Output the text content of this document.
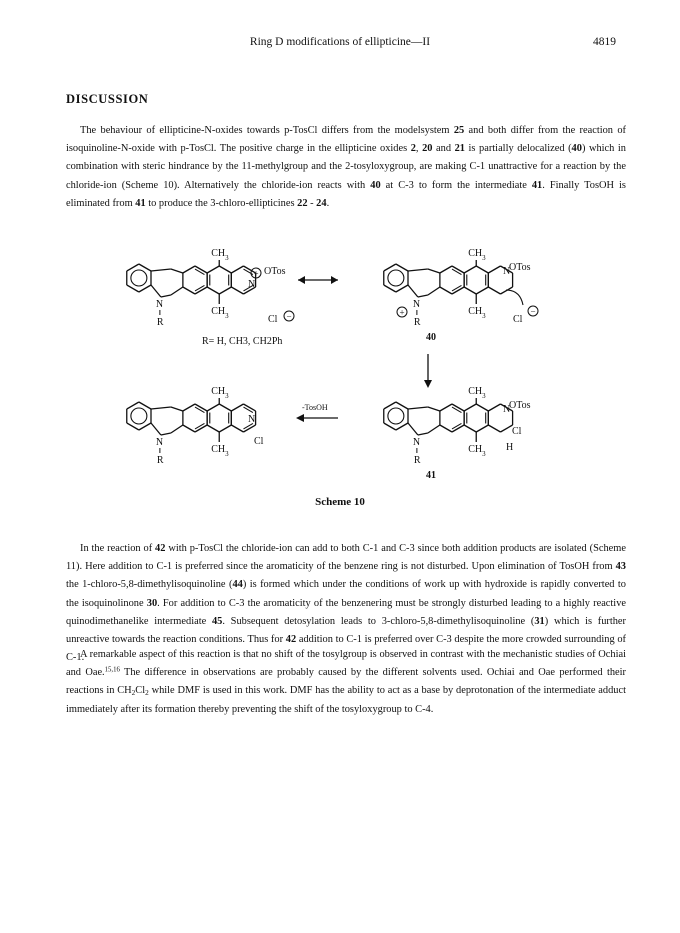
Ring D modifications of ellipticine—II	4819
DISCUSSION

The behaviour of ellipticine-N-oxides towards p-TosCl differs from the modelsystem 25 and both differ from the reaction of isoquinoline-N-oxide with p-TosCl. The positive charge in the ellipticine oxides 2, 20 and 21 is partially delocalized (40) which in combination with steric hindrance by the 11-methylgroup and the 2-tosyloxygroup, are making C-1 unattractive for a reaction by the chloride-ion (Scheme 10). Alternatively the chloride-ion reacts with 40 at C-3 to form the intermediate 41. Finally TosOH is eliminated from 41 to produce the 3-chloro-ellipticines 22 - 24.

N
R
$CH_3$
$CH_3$
N
+ OTos
Cl −
R= H, CH3, CH2Ph
N
R
$CH_3$
$CH_3$
N
OTos
Cl
−
+
40
N
R
$CH_3$
$CH_3$
N
OTos
Cl
H
41
-TosOH
N
R
$CH_3$
$CH_3$
N
Cl
Scheme 10

In the reaction of 42 with p-TosCl the chloride-ion can add to both C-1 and C-3 since both addition products are isolated (Scheme 11). Here addition to C-1 is preferred since the aromaticity of the benzene ring is not disturbed. Upon elimination of TosOH from 43 the 1-chloro-5,8-dimethylisoquinoline (44) is formed which under the conditions of work up with hydroxide is rapidly converted to the isoquinolinone 30. For addition to C-3 the aromaticity of the benzenering must be strongly disturbed leading to a highly reactive quinodimethanelike intermediate 45. Subsequent detosylation leads to 3-chloro-5,8-dimethylisoquinoline (31) which is further unreactive towards the reaction conditions. Thus for 42 addition to C-1 is preferred over C-3 despite the more crowded surrounding of C-1.

A remarkable aspect of this reaction is that no shift of the tosylgroup is observed in contrast with the mechanistic studies of Ochiai and Oae.$^{15,16}$ The difference in observations are probably caused by the different solvents used. Ochiai and Oae performed their reactions in $CH_2Cl_2$ while DMF is used in this work. DMF has the ability to act as a base by deprotonation of the intermediate adduct immediately after its formation thereby preventing the shift of the tosyloxygroup to C-4.
